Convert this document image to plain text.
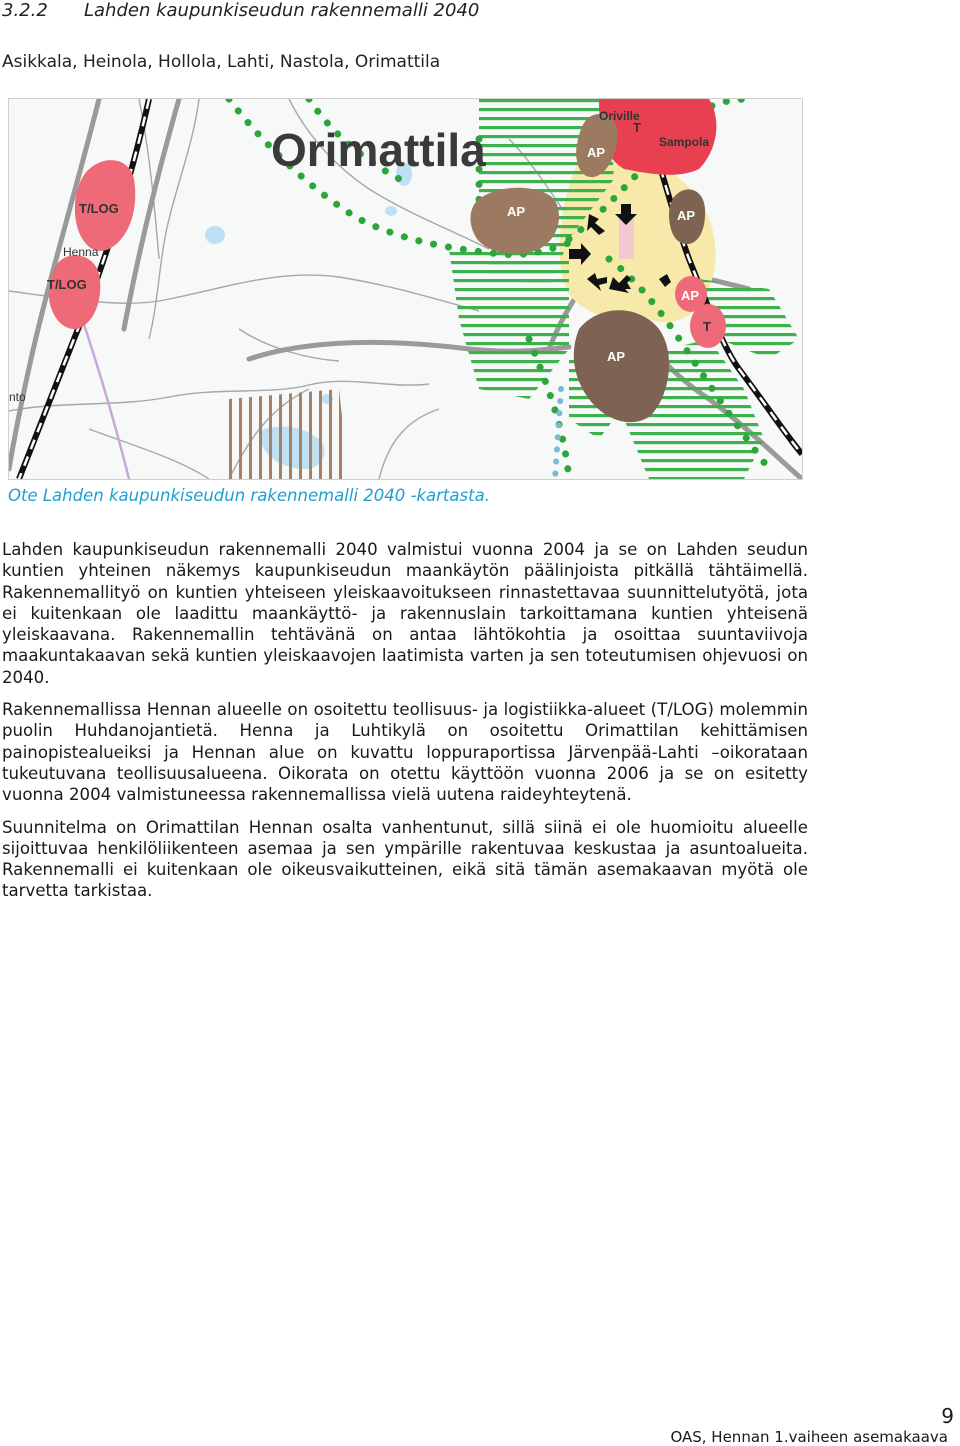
3.2.2 Lahden kaupunkiseudun rakennemalli 2040
Asikkala, Heinola, Hollola, Lahti, Nastola, Orimattila
Orimattila
T/LOG
Henna
T/LOG
AP
AP
Oriville
T
Sampola
AP
AP
T
AP
nto
Ote Lahden kaupunkiseudun rakennemalli 2040 -kartasta.

Lahden kaupunkiseudun rakennemalli 2040 valmistui vuonna 2004 ja se on Lahden seudun kuntien yhteinen näkemys kaupunkiseudun maankäytön päälinjoista pitkällä tähtäimellä. Rakennemallityö on kuntien yhteiseen yleiskaavoitukseen rinnastettavaa suunnittelutyötä, jota ei kuitenkaan ole laadittu maankäyttö- ja rakennuslain tarkoittamana kuntien yhteisenä yleiskaavana. Rakennemallin tehtävänä on antaa lähtökohtia ja osoittaa suuntaviivoja maakuntakaavan sekä kuntien yleiskaavojen laatimista varten ja sen toteutumisen ohjevuosi on 2040.

Rakennemallissa Hennan alueelle on osoitettu teollisuus- ja logistiikka-alueet (T/LOG) molemmin puolin Huhdanojantietä. Henna ja Luhtikylä on osoitettu Orimattilan kehittämisen painopistealueiksi ja Hennan alue on kuvattu loppuraportissa Järvenpää-Lahti –oikorataan tukeutuvana teollisuusalueena. Oikorata on otettu käyttöön vuonna 2006 ja se on esitetty vuonna 2004 valmistuneessa rakennemallissa vielä uutena raideyhteytenä.

Suunnitelma on Orimattilan Hennan osalta vanhentunut, sillä siinä ei ole huomioitu alueelle sijoittuvaa henkilöliikenteen asemaa ja sen ympärille rakentuvaa keskustaa ja asuntoalueita. Rakennemalli ei kuitenkaan ole oikeusvaikutteinen, eikä sitä tämän asemakaavan myötä ole tarvetta tarkistaa.

9
OAS, Hennan 1.vaiheen asemakaava
